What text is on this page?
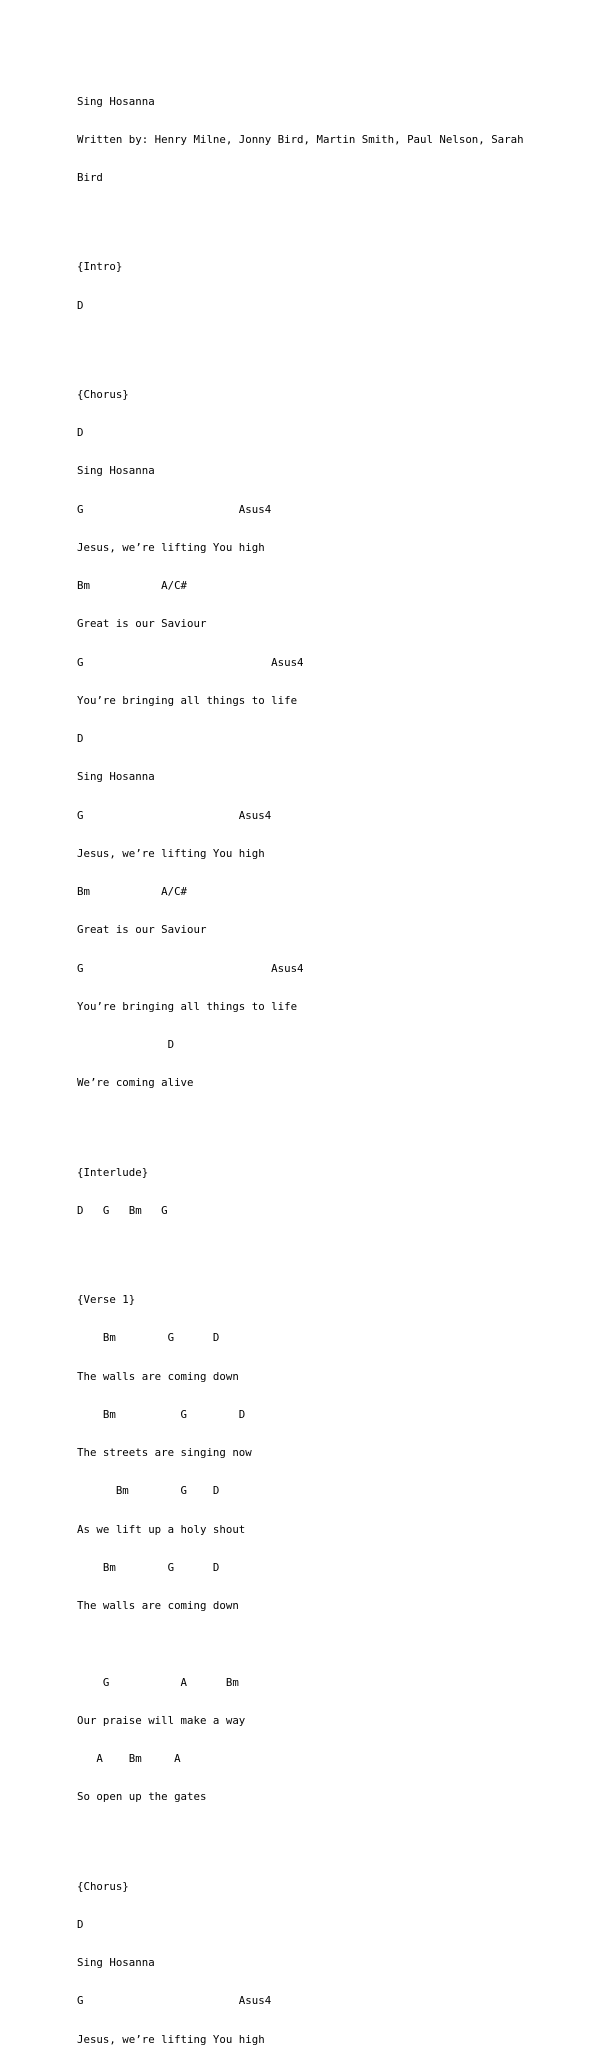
Sing Hosanna

Written by: Henry Milne, Jonny Bird, Martin Smith, Paul Nelson, Sarah

Bird

{Intro}

D

{Chorus}

D

Sing Hosanna

G                        Asus4

Jesus, we’re lifting You high

Bm           A/C#

Great is our Saviour

G                             Asus4

You’re bringing all things to life

D

Sing Hosanna

G                        Asus4

Jesus, we’re lifting You high

Bm           A/C#

Great is our Saviour

G                             Asus4

You’re bringing all things to life

D

We’re coming alive

{Interlude}

D   G   Bm   G

{Verse 1}

Bm        G      D

The walls are coming down

Bm          G        D

The streets are singing now

Bm        G    D

As we lift up a holy shout

Bm        G      D

The walls are coming down

G           A      Bm

Our praise will make a way

A    Bm     A

So open up the gates

{Chorus}

D

Sing Hosanna

G                        Asus4

Jesus, we’re lifting You high
